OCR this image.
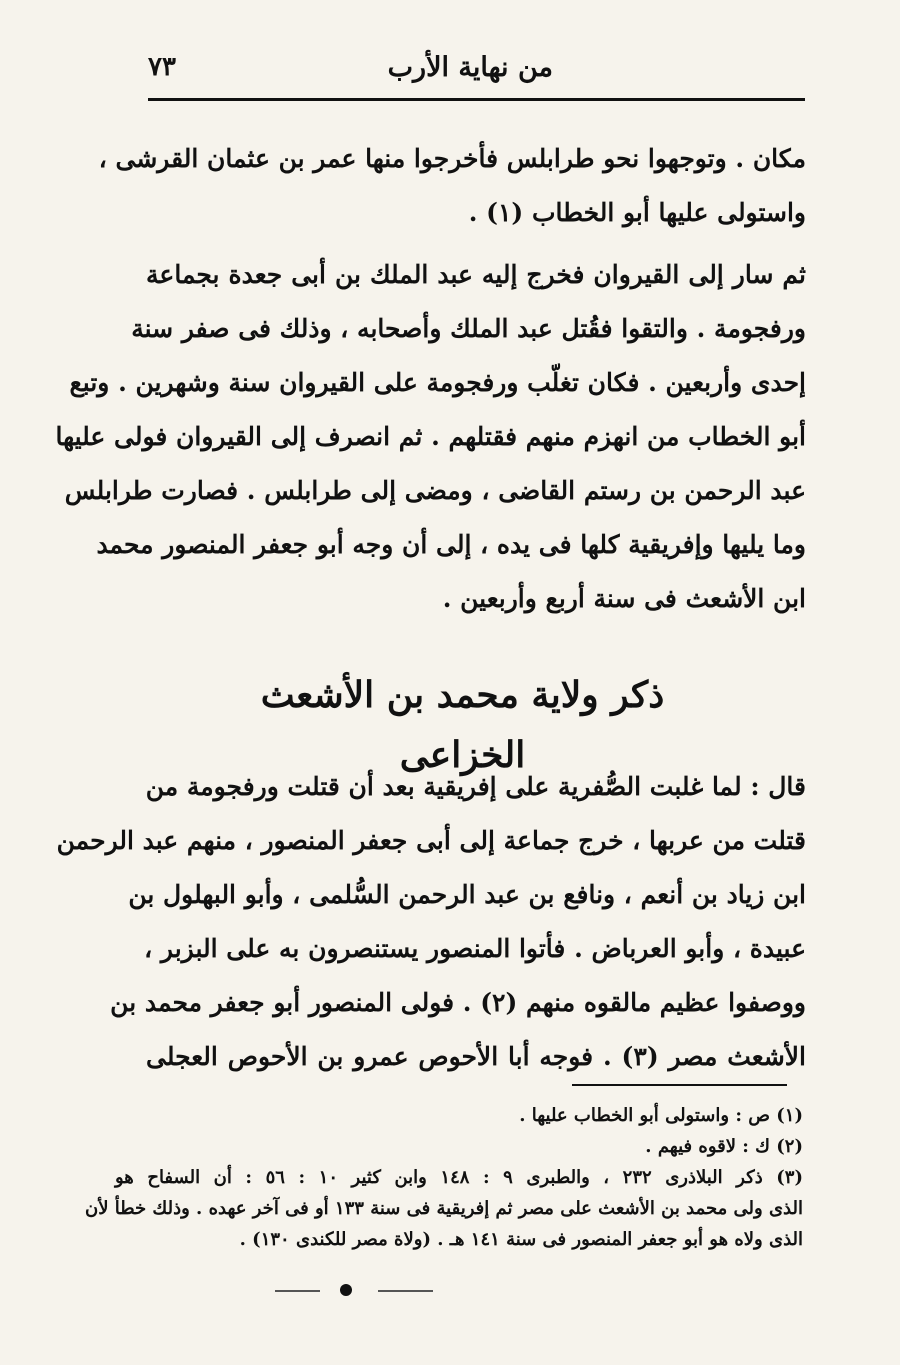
٧٣	من نهاية الأرب
مكان . وتوجهوا نحو طرابلس فأخرجوا منها عمر بن عثمان القرشى ،
واستولى عليها أبو الخطاب (١) .
ثم سار إلى القيروان فخرج إليه عبد الملك بن أبى جعدة بجماعة
ورفجومة . والتقوا فقُتل عبد الملك وأصحابه ، وذلك فى صفر سنة
إحدى وأربعين . فكان تغلّب ورفجومة على القيروان سنة وشهرين . وتبع
أبو الخطاب من انهزم منهم فقتلهم . ثم انصرف إلى القيروان فولى عليها
عبد الرحمن بن رستم القاضى ، ومضى إلى طرابلس . فصارت طرابلس
وما يليها وإفريقية كلها فى يده ، إلى أن وجه أبو جعفر المنصور محمد
ابن الأشعث فى سنة أربع وأربعين .
ذكر ولاية محمد بن الأشعث الخزاعى
قال : لما غلبت الصُّفرية على إفريقية بعد أن قتلت ورفجومة من
قتلت من عربها ، خرج جماعة إلى أبى جعفر المنصور ، منهم عبد الرحمن
ابن زياد بن أنعم ، ونافع بن عبد الرحمن السُّلمى ، وأبو البهلول بن
عبيدة ، وأبو العرباض . فأتوا المنصور يستنصرون به على البزبر ،
ووصفوا عظيم مالقوه منهم (٢) . فولى المنصور أبو جعفر محمد بن
الأشعث مصر (٣) . فوجه أبا الأحوص عمرو بن الأحوص العجلى
(١) ص : واستولى أبو الخطاب عليها .
(٢) ك : لاقوه فيهم .
(٣) ذكر البلاذرى ٢٣٢ ، والطبرى ٩ : ١٤٨ وابن كثير ١٠ : ٥٦ : أن السفاح هو
الذى ولى محمد بن الأشعث على مصر ثم إفريقية فى سنة ١٣٣ أو فى آخر عهده . وذلك خطأ لأن
الذى ولاه هو أبو جعفر المنصور فى سنة ١٤١ هـ . (ولاة مصر للكندى ١٣٠) .
